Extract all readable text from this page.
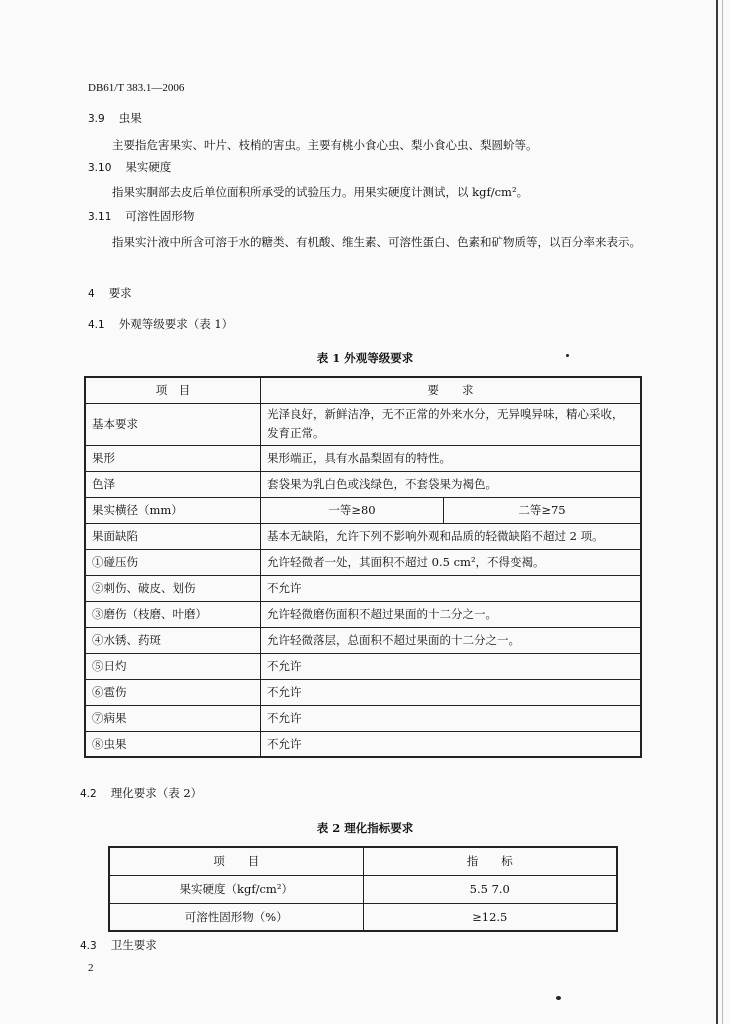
DB61/T 383.1—2006
3.9 虫果
主要指危害果实、叶片、枝梢的害虫。主要有桃小食心虫、梨小食心虫、梨圆蚧等。
3.10 果实硬度
指果实胴部去皮后单位面积所承受的试验压力。用果实硬度计测试，以 kgf/cm²。
3.11 可溶性固形物
指果实汁液中所含可溶于水的糖类、有机酸、维生素、可溶性蛋白、色素和矿物质等，以百分率来表示。
4 要求
4.1 外观等级要求（表 1）
表 1 外观等级要求
项　目	要　　求	
基本要求	光泽良好，新鲜洁净，无不正常的外来水分，无异嗅异味，精心采收，发育正常。	
果形	果形端正，具有水晶梨固有的特性。	
色泽	套袋果为乳白色或浅绿色，不套袋果为褐色。	
果实横径（mm）	一等≥80	二等≥75
果面缺陷	基本无缺陷，允许下列不影响外观和品质的轻微缺陷不超过 2 项。	
①碰压伤	允许轻微者一处，其面积不超过 0.5 cm²，不得变褐。	
②刺伤、破皮、划伤	不允许	
③磨伤（枝磨、叶磨）	允许轻微磨伤面积不超过果面的十二分之一。	
④水锈、药斑	允许轻微落层，总面积不超过果面的十二分之一。	
⑤日灼	不允许	
⑥雹伤	不允许	
⑦病果	不允许	
⑧虫果	不允许	
4.2 理化要求（表 2）
表 2 理化指标要求
项　　目	指　　标
果实硬度（kgf/cm²）	5.5 7.0
可溶性固形物（%）	≥12.5
4.3 卫生要求
2
